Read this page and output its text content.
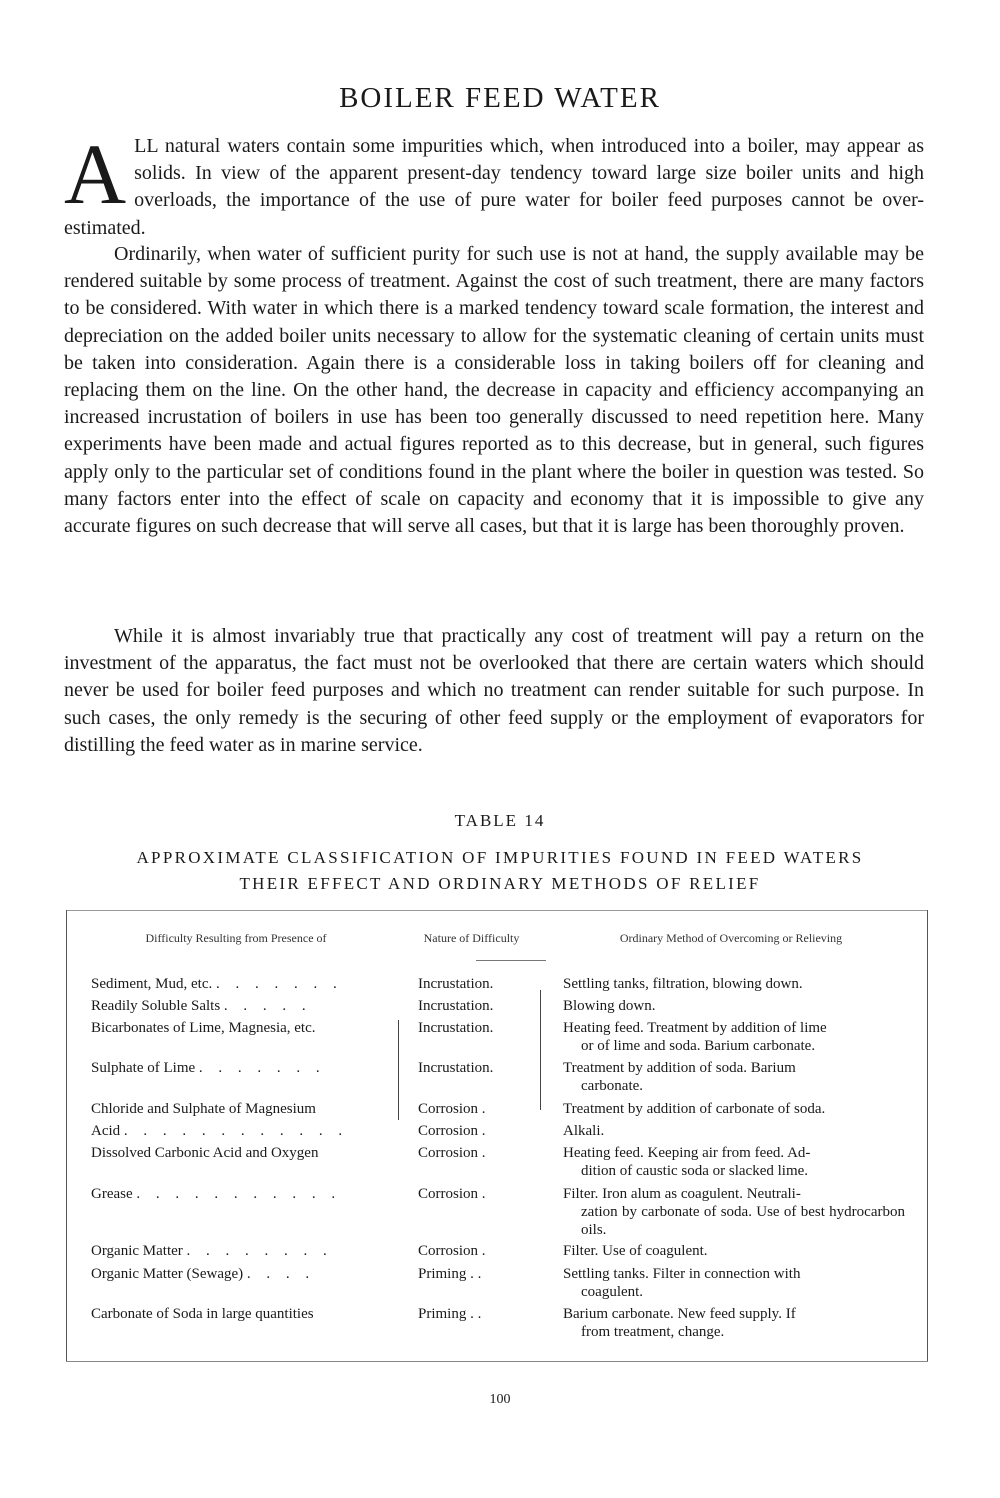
BOILER FEED WATER

ALL natural waters contain some impurities which, when introduced into a boiler, may appear as solids. In view of the apparent present-day tendency toward large size boiler units and high overloads, the importance of the use of pure water for boiler feed purposes cannot be over-estimated.

Ordinarily, when water of sufficient purity for such use is not at hand, the supply available may be rendered suitable by some process of treatment. Against the cost of such treatment, there are many factors to be considered. With water in which there is a marked tendency toward scale formation, the interest and depreciation on the added boiler units necessary to allow for the systematic cleaning of certain units must be taken into consideration. Again there is a considerable loss in taking boilers off for cleaning and replacing them on the line. On the other hand, the decrease in capacity and efficiency accompanying an increased incrustation of boilers in use has been too generally discussed to need repetition here. Many experiments have been made and actual figures reported as to this decrease, but in general, such figures apply only to the particular set of conditions found in the plant where the boiler in question was tested. So many factors enter into the effect of scale on capacity and economy that it is impossible to give any accurate figures on such decrease that will serve all cases, but that it is large has been thoroughly proven.

While it is almost invariably true that practically any cost of treatment will pay a return on the investment of the apparatus, the fact must not be overlooked that there are certain waters which should never be used for boiler feed purposes and which no treatment can render suitable for such purpose. In such cases, the only remedy is the securing of other feed supply or the employment of evaporators for distilling the feed water as in marine service.

TABLE 14
APPROXIMATE CLASSIFICATION OF IMPURITIES FOUND IN FEED WATERS
THEIR EFFECT AND ORDINARY METHODS OF RELIEF
Difficulty Resulting from Presence of	Nature of Difficulty	Ordinary Method of Overcoming or Relieving
Sediment, Mud, etc. . . . . . . .	Incrustation.	Settling tanks, filtration, blowing down.
Readily Soluble Salts . . . . .	Incrustation.	Blowing down.
Bicarbonates of Lime, Magnesia, etc.	Incrustation.	Heating feed. Treatment by addition of lime
or of lime and soda. Barium carbonate.
Sulphate of Lime . . . . . . .	Incrustation.	Treatment by addition of soda. Barium
carbonate.
Chloride and Sulphate of Magnesium	Corrosion .	Treatment by addition of carbonate of soda.
Acid . . . . . . . . . . . .	Corrosion .	Alkali.
Dissolved Carbonic Acid and Oxygen	Corrosion .	Heating feed. Keeping air from feed. Ad-
dition of caustic soda or slacked lime.
Grease . . . . . . . . . . .	Corrosion .	Filter. Iron alum as coagulent. Neutrali-
zation by carbonate of soda. Use of best hydrocarbon oils.
Organic Matter . . . . . . . .	Corrosion .	Filter. Use of coagulent.
Organic Matter (Sewage) . . . .	Priming . .	Settling tanks. Filter in connection with
coagulent.
Carbonate of Soda in large quantities	Priming . .	Barium carbonate. New feed supply. If
from treatment, change.
100
